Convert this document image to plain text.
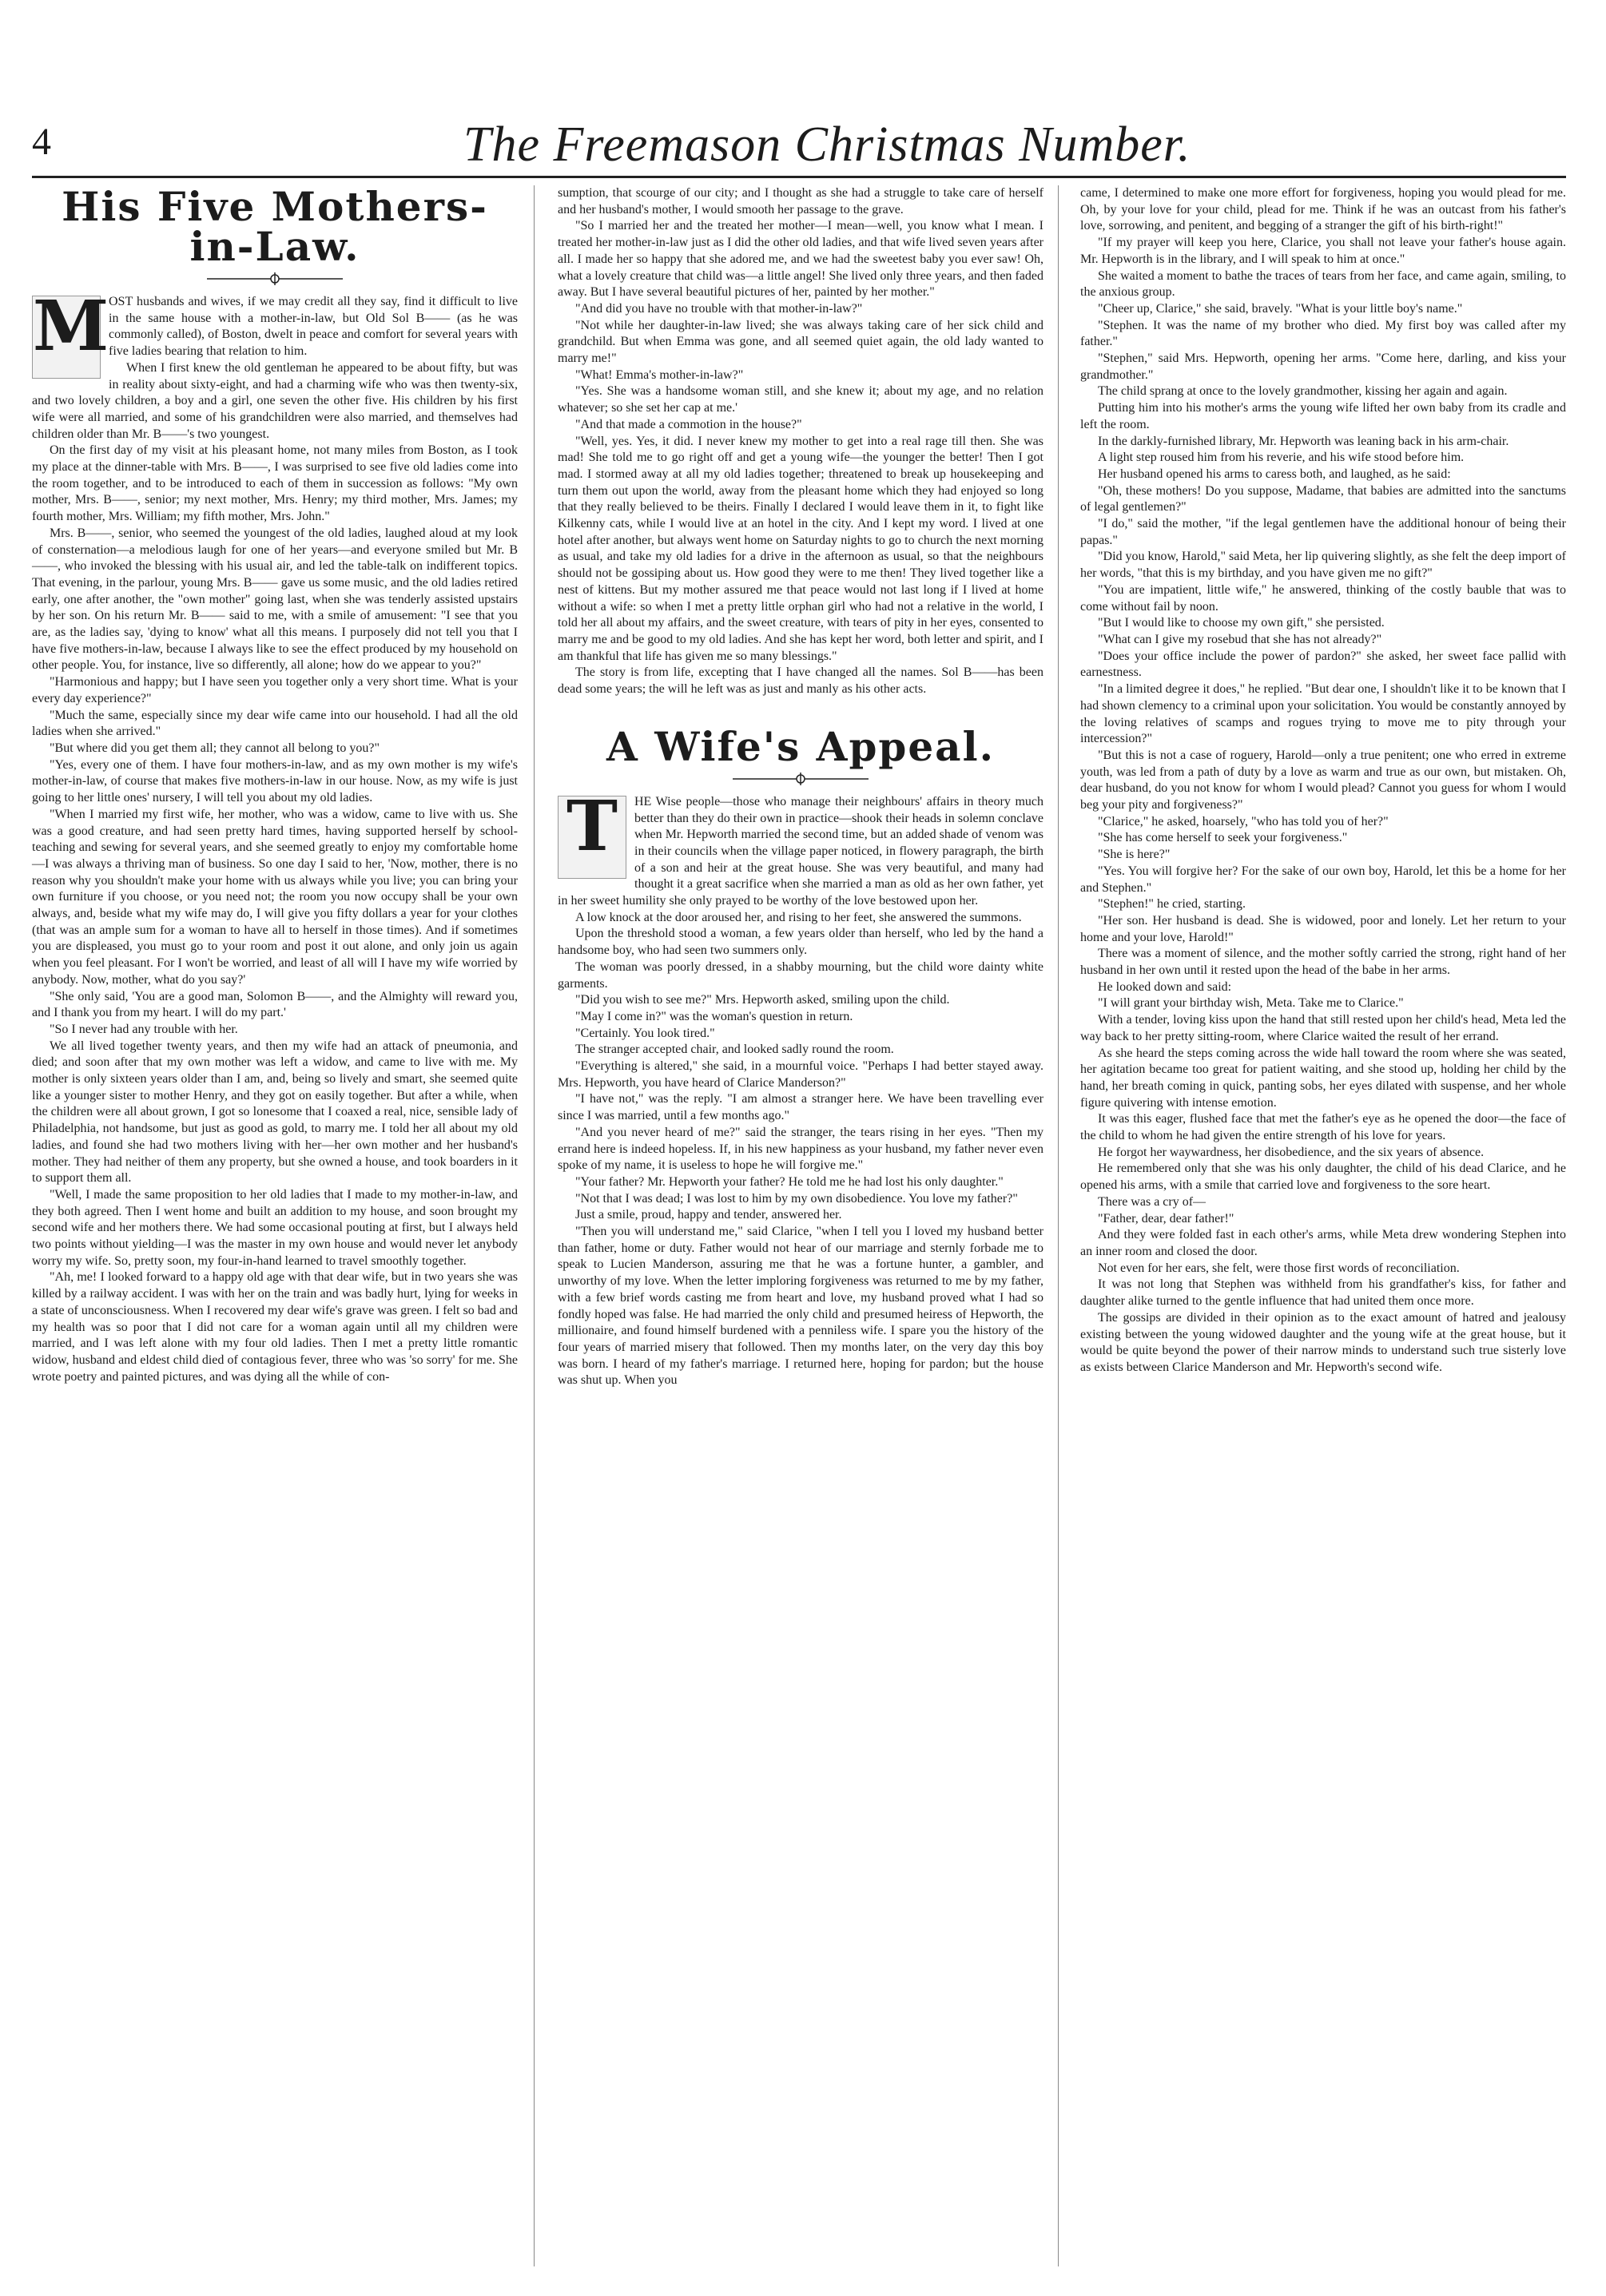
4	The Freemason Christmas Number.
His Five Mothers-in-Law.
M OST husbands and wives, if we may credit all they say, find it difficult to live in the same house with a mother-in-law, but Old Sol B—— (as he was commonly called), of Boston, dwelt in peace and comfort for several years with five ladies bearing that relation to him.

When I first knew the old gentleman he appeared to be about fifty, but was in reality about sixty-eight, and had a charming wife who was then twenty-six, and two lovely children, a boy and a girl, one seven the other five. His children by his first wife were all married, and some of his grandchildren were also married, and themselves had children older than Mr. B——'s two youngest.

On the first day of my visit at his pleasant home, not many miles from Boston, as I took my place at the dinner-table with Mrs. B——, I was surprised to see five old ladies come into the room together, and to be introduced to each of them in succession as follows: "My own mother, Mrs. B——, senior; my next mother, Mrs. Henry; my third mother, Mrs. James; my fourth mother, Mrs. William; my fifth mother, Mrs. John."

Mrs. B——, senior, who seemed the youngest of the old ladies, laughed aloud at my look of consternation—a melodious laugh for one of her years—and everyone smiled but Mr. B——, who invoked the blessing with his usual air, and led the table-talk on indifferent topics. That evening, in the parlour, young Mrs. B—— gave us some music, and the old ladies retired early, one after another, the "own mother" going last, when she was tenderly assisted upstairs by her son. On his return Mr. B—— said to me, with a smile of amusement: "I see that you are, as the ladies say, 'dying to know' what all this means. I purposely did not tell you that I have five mothers-in-law, because I always like to see the effect produced by my household on other people. You, for instance, live so differently, all alone; how do we appear to you?"

"Harmonious and happy; but I have seen you together only a very short time. What is your every day experience?"

"Much the same, especially since my dear wife came into our household. I had all the old ladies when she arrived."

"But where did you get them all; they cannot all belong to you?"

"Yes, every one of them. I have four mothers-in-law, and as my own mother is my wife's mother-in-law, of course that makes five mothers-in-law in our house. Now, as my wife is just going to her little ones' nursery, I will tell you about my old ladies.

"When I married my first wife, her mother, who was a widow, came to live with us. She was a good creature, and had seen pretty hard times, having supported herself by school-teaching and sewing for several years, and she seemed greatly to enjoy my comfortable home—I was always a thriving man of business. So one day I said to her, 'Now, mother, there is no reason why you shouldn't make your home with us always while you live; you can bring your own furniture if you choose, or you need not; the room you now occupy shall be your own always, and, beside what my wife may do, I will give you fifty dollars a year for your clothes (that was an ample sum for a woman to have all to herself in those times). And if sometimes you are displeased, you must go to your room and post it out alone, and only join us again when you feel pleasant. For I won't be worried, and least of all will I have my wife worried by anybody. Now, mother, what do you say?'

"She only said, 'You are a good man, Solomon B——, and the Almighty will reward you, and I thank you from my heart. I will do my part.'

"So I never had any trouble with her.

We all lived together twenty years, and then my wife had an attack of pneumonia, and died; and soon after that my own mother was left a widow, and came to live with me. My mother is only sixteen years older than I am, and, being so lively and smart, she seemed quite like a younger sister to mother Henry, and they got on easily together. But after a while, when the children were all about grown, I got so lonesome that I coaxed a real, nice, sensible lady of Philadelphia, not handsome, but just as good as gold, to marry me. I told her all about my old ladies, and found she had two mothers living with her—her own mother and her husband's mother. They had neither of them any property, but she owned a house, and took boarders in it to support them all.

"Well, I made the same proposition to her old ladies that I made to my mother-in-law, and they both agreed. Then I went home and built an addition to my house, and soon brought my second wife and her mothers there. We had some occasional pouting at first, but I always held two points without yielding—I was the master in my own house and would never let anybody worry my wife. So, pretty soon, my four-in-hand learned to travel smoothly together.

"Ah, me! I looked forward to a happy old age with that dear wife, but in two years she was killed by a railway accident. I was with her on the train and was badly hurt, lying for weeks in a state of unconsciousness. When I recovered my dear wife's grave was green. I felt so bad and my health was so poor that I did not care for a woman again until all my children were married, and I was left alone with my four old ladies. Then I met a pretty little romantic widow, husband and eldest child died of contagious fever, three who was 'so sorry' for me. She wrote poetry and painted pictures, and was dying all the while of con-

sumption, that scourge of our city; and I thought as she had a struggle to take care of herself and her husband's mother, I would smooth her passage to the grave.

"So I married her and the treated her mother—I mean—well, you know what I mean. I treated her mother-in-law just as I did the other old ladies, and that wife lived seven years after all. I made her so happy that she adored me, and we had the sweetest baby you ever saw! Oh, what a lovely creature that child was—a little angel! She lived only three years, and then faded away. But I have several beautiful pictures of her, painted by her mother."

"And did you have no trouble with that mother-in-law?"

"Not while her daughter-in-law lived; she was always taking care of her sick child and grandchild. But when Emma was gone, and all seemed quiet again, the old lady wanted to marry me!"

"What! Emma's mother-in-law?"

"Yes. She was a handsome woman still, and she knew it; about my age, and no relation whatever; so she set her cap at me.'

"And that made a commotion in the house?"

"Well, yes. Yes, it did. I never knew my mother to get into a real rage till then. She was mad! She told me to go right off and get a young wife—the younger the better! Then I got mad. I stormed away at all my old ladies together; threatened to break up housekeeping and turn them out upon the world, away from the pleasant home which they had enjoyed so long that they really believed to be theirs. Finally I declared I would leave them in it, to fight like Kilkenny cats, while I would live at an hotel in the city. And I kept my word. I lived at one hotel after another, but always went home on Saturday nights to go to church the next morning as usual, and take my old ladies for a drive in the afternoon as usual, so that the neighbours should not be gossiping about us. How good they were to me then! They lived together like a nest of kittens. But my mother assured me that peace would not last long if I lived at home without a wife: so when I met a pretty little orphan girl who had not a relative in the world, I told her all about my affairs, and the sweet creature, with tears of pity in her eyes, consented to marry me and be good to my old ladies. And she has kept her word, both letter and spirit, and I am thankful that life has given me so many blessings."

The story is from life, excepting that I have changed all the names. Sol B——has been dead some years; the will he left was as just and manly as his other acts.

A Wife's Appeal.
T	HE Wise people—those who manage their neighbours' affairs in theory much better than they do their own in practice—shook their heads in solemn conclave when Mr. Hepworth married the second time, but an added shade of venom was in their councils when the village paper noticed, in flowery paragraph, the birth of a son and heir at the great house. She was very beautiful, and many had thought it a great sacrifice when she married a man as old as her own father, yet in her sweet humility she only prayed to be worthy of the love bestowed upon her.

A low knock at the door aroused her, and rising to her feet, she answered the summons.

Upon the threshold stood a woman, a few years older than herself, who led by the hand a handsome boy, who had seen two summers only.

The woman was poorly dressed, in a shabby mourning, but the child wore dainty white garments.

"Did you wish to see me?" Mrs. Hepworth asked, smiling upon the child.

"May I come in?" was the woman's question in return.

"Certainly. You look tired."

The stranger accepted chair, and looked sadly round the room.

"Everything is altered," she said, in a mournful voice. "Perhaps I had better stayed away. Mrs. Hepworth, you have heard of Clarice Manderson?"

"I have not," was the reply. "I am almost a stranger here. We have been travelling ever since I was married, until a few months ago."

"And you never heard of me?" said the stranger, the tears rising in her eyes. "Then my errand here is indeed hopeless. If, in his new happiness as your husband, my father never even spoke of my name, it is useless to hope he will forgive me."

"Your father? Mr. Hepworth your father? He told me he had lost his only daughter."

"Not that I was dead; I was lost to him by my own disobedience. You love my father?"

Just a smile, proud, happy and tender, answered her.

"Then you will understand me," said Clarice, "when I tell you I loved my husband better than father, home or duty. Father would not hear of our marriage and sternly forbade me to speak to Lucien Manderson, assuring me that he was a fortune hunter, a gambler, and unworthy of my love. When the letter imploring forgiveness was returned to me by my father, with a few brief words casting me from heart and love, my husband proved what I had so fondly hoped was false. He had married the only child and presumed heiress of Hepworth, the millionaire, and found himself burdened with a penniless wife. I spare you the history of the four years of married misery that followed. Then my months later, on the very day this boy was born. I heard of my father's marriage. I returned here, hoping for pardon; but the house was shut up. When you

came, I determined to make one more effort for forgiveness, hoping you would plead for me. Oh, by your love for your child, plead for me. Think if he was an outcast from his father's love, sorrowing, and penitent, and begging of a stranger the gift of his birth-right!"

"If my prayer will keep you here, Clarice, you shall not leave your father's house again. Mr. Hepworth is in the library, and I will speak to him at once."

She waited a moment to bathe the traces of tears from her face, and came again, smiling, to the anxious group.

"Cheer up, Clarice," she said, bravely. "What is your little boy's name."

"Stephen. It was the name of my brother who died. My first boy was called after my father."

"Stephen," said Mrs. Hepworth, opening her arms. "Come here, darling, and kiss your grandmother."

The child sprang at once to the lovely grandmother, kissing her again and again.

Putting him into his mother's arms the young wife lifted her own baby from its cradle and left the room.

In the darkly-furnished library, Mr. Hepworth was leaning back in his arm-chair.

A light step roused him from his reverie, and his wife stood before him.

Her husband opened his arms to caress both, and laughed, as he said:

"Oh, these mothers! Do you suppose, Madame, that babies are admitted into the sanctums of legal gentlemen?"

"I do," said the mother, "if the legal gentlemen have the additional honour of being their papas."

"Did you know, Harold," said Meta, her lip quivering slightly, as she felt the deep import of her words, "that this is my birthday, and you have given me no gift?"

"You are impatient, little wife," he answered, thinking of the costly bauble that was to come without fail by noon.

"But I would like to choose my own gift," she persisted.

"What can I give my rosebud that she has not already?"

"Does your office include the power of pardon?" she asked, her sweet face pallid with earnestness.

"In a limited degree it does," he replied. "But dear one, I shouldn't like it to be known that I had shown clemency to a criminal upon your solicitation. You would be constantly annoyed by the loving relatives of scamps and rogues trying to move me to pity through your intercession?"

"But this is not a case of roguery, Harold—only a true penitent; one who erred in extreme youth, was led from a path of duty by a love as warm and true as our own, but mistaken. Oh, dear husband, do you not know for whom I would plead? Cannot you guess for whom I would beg your pity and forgiveness?"

"Clarice," he asked, hoarsely, "who has told you of her?"

"She has come herself to seek your forgiveness."

"She is here?"

"Yes. You will forgive her? For the sake of our own boy, Harold, let this be a home for her and Stephen."

"Stephen!" he cried, starting.

"Her son. Her husband is dead. She is widowed, poor and lonely. Let her return to your home and your love, Harold!"

There was a moment of silence, and the mother softly carried the strong, right hand of her husband in her own until it rested upon the head of the babe in her arms.

He looked down and said:

"I will grant your birthday wish, Meta. Take me to Clarice."

With a tender, loving kiss upon the hand that still rested upon her child's head, Meta led the way back to her pretty sitting-room, where Clarice waited the result of her errand.

As she heard the steps coming across the wide hall toward the room where she was seated, her agitation became too great for patient waiting, and she stood up, holding her child by the hand, her breath coming in quick, panting sobs, her eyes dilated with suspense, and her whole figure quivering with intense emotion.

It was this eager, flushed face that met the father's eye as he opened the door—the face of the child to whom he had given the entire strength of his love for years.

He forgot her waywardness, her disobedience, and the six years of absence.

He remembered only that she was his only daughter, the child of his dead Clarice, and he opened his arms, with a smile that carried love and forgiveness to the sore heart.

There was a cry of—

"Father, dear, dear father!"

And they were folded fast in each other's arms, while Meta drew wondering Stephen into an inner room and closed the door.

Not even for her ears, she felt, were those first words of reconciliation.

It was not long that Stephen was withheld from his grandfather's kiss, for father and daughter alike turned to the gentle influence that had united them once more.

The gossips are divided in their opinion as to the exact amount of hatred and jealousy existing between the young widowed daughter and the young wife at the great house, but it would be quite beyond the power of their narrow minds to understand such true sisterly love as exists between Clarice Manderson and Mr. Hepworth's second wife.
